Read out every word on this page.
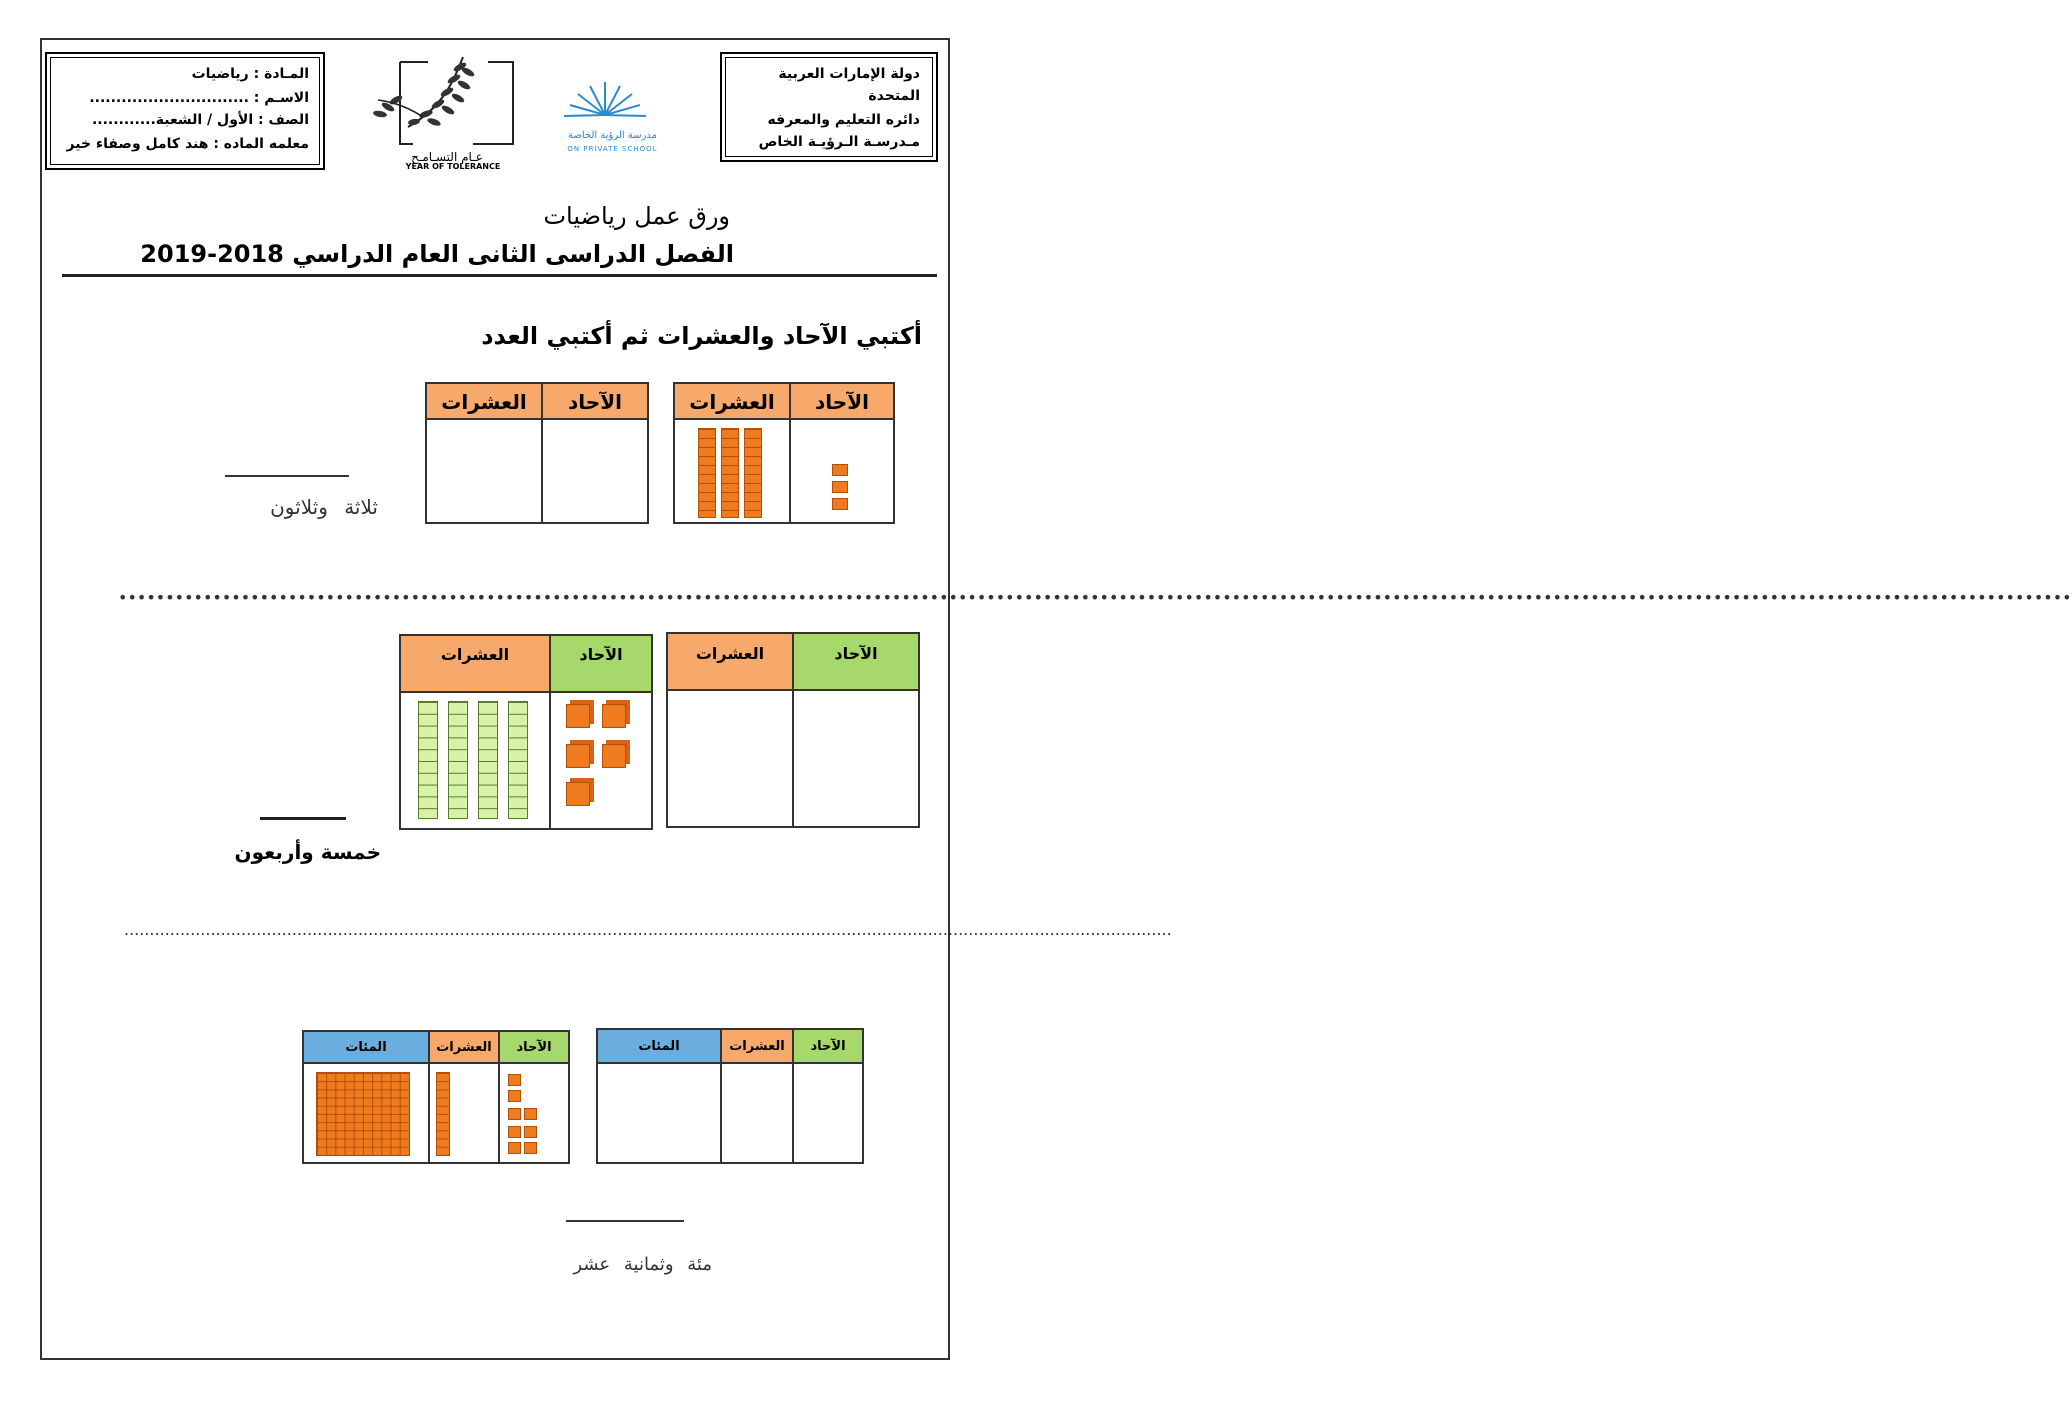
دولة الإمارات العربية
المتحدة
دائره التعليم والمعرفه
مـدرسـة الـرؤيـة الخاص
المـادة : رياضيات
الاسـم : ..............................
الصف : الأول / الشعبة............
معلمه الماده : هند كامل وصفاء خير
عـام التسـامـح
YEAR OF TOLERANCE
مدرسة الرؤية الخاصة
ON PRIVATE SCHOOL
ورق عمل رياضيات
الفصل الدراسى الثانى العام الدراسي 2018-2019
أكتبي الآحاد والعشرات ثم أكتبي العدد
العشرات	الآحاد
العشرات	الآحاد
ثلاثة وثلاثون
•••••••••••••••••••••••••••••••••••••••••••••••••••••••••••••••••••••••••••••••••••••••••••••••••••••••••••••••••••••••••••••••••••••••••••••••••••••••••••••••••••••••••••••••••••••••••••••••••••••••••••••••
العشرات	الآحاد	العشرات	الآحاد
خمسة وأربعون
..............................................................................................................................................................................................................
المئات	العشرات	الآحاد	المئات	العشرات	الآحاد
مئة وثمانية عشر
